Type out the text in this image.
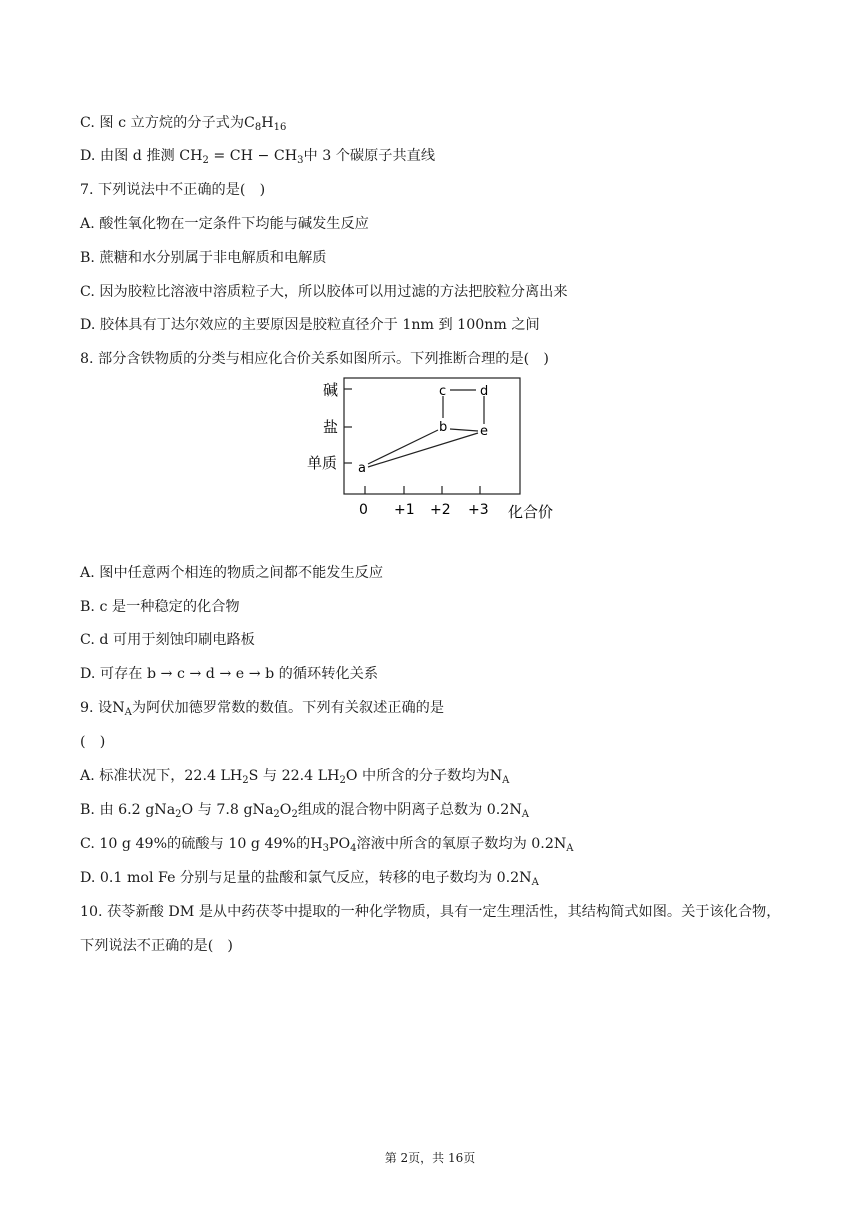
C. 图 c 立方烷的分子式为$C_8H_{16}$
D. 由图 d 推测 $CH_2$ = CH − $CH_3$中 3 个碳原子共直线
7. 下列说法中不正确的是(　)
A. 酸性氧化物在一定条件下均能与碱发生反应
B. 蔗糖和水分别属于非电解质和电解质
C. 因为胶粒比溶液中溶质粒子大，所以胶体可以用过滤的方法把胶粒分离出来
D. 胶体具有丁达尔效应的主要原因是胶粒直径介于 1nm 到 100nm 之间
8. 部分含铁物质的分类与相应化合价关系如图所示。下列推断合理的是(　)
碱
盐
单质
0 +1 +2 +3 化合价
c	d
b	e
a
A. 图中任意两个相连的物质之间都不能发生反应
B. c 是一种稳定的化合物
C. d 可用于刻蚀印刷电路板
D. 可存在 b → c → d → e → b 的循环转化关系
9. 设$N_A$为阿伏加德罗常数的数值。下列有关叙述正确的是
(　)
A. 标准状况下，22.4 $LH_2S$ 与 22.4 $LH_2O$ 中所含的分子数均为$N_A$
B. 由 6.2 gNa$_2$O 与 7.8 $gNa_2O_2$组成的混合物中阴离子总数为 $0.2N_A$
C. 10 g 49%的硫酸与 10 g 49%的$H_3PO_4$溶液中所含的氧原子数均为 $0.2N_A$
D. 0.1 mol Fe 分别与足量的盐酸和氯气反应，转移的电子数均为 $0.2N_A$
10. 茯苓新酸 DM 是从中药茯苓中提取的一种化学物质，具有一定生理活性，其结构简式如图。关于该化合物，下列说法不正确的是(　)
第 2页，共 16页
